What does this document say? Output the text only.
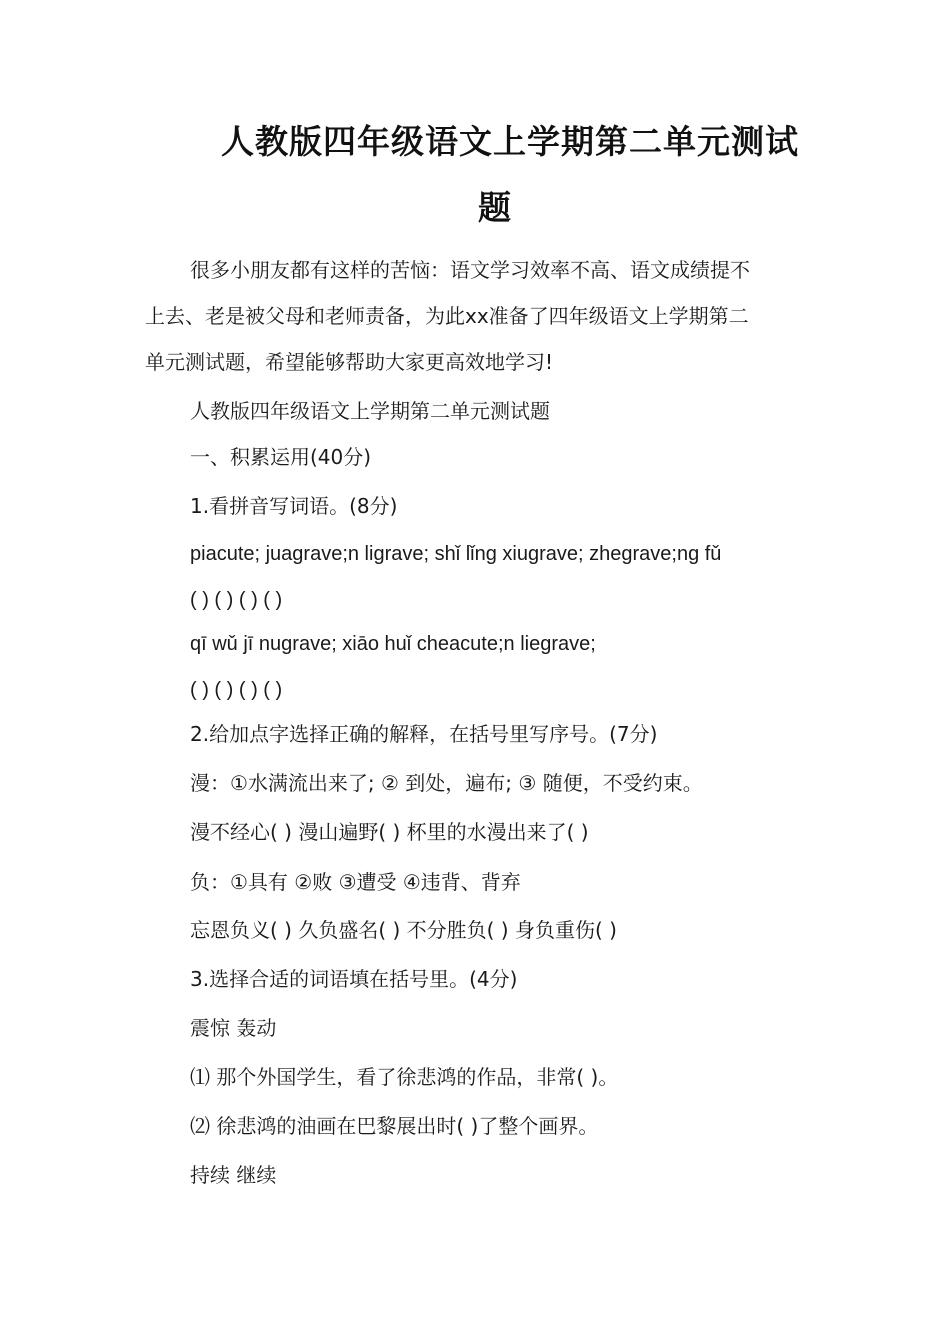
人教版四年级语文上学期第二单元测试
题
很多小朋友都有这样的苦恼：语文学习效率不高、语文成绩提不
上去、老是被父母和老师责备，为此xx准备了四年级语文上学期第二
单元测试题，希望能够帮助大家更高效地学习!
人教版四年级语文上学期第二单元测试题
一、积累运用(40分)
1.看拼音写词语。(8分)
piacute; juagrave;n ligrave; shǐ lǐng xiugrave; zhegrave;ng fǔ
( ) ( ) ( ) ( )
qī wǔ jī nugrave; xiāo huǐ cheacute;n liegrave;
( ) ( ) ( ) ( )
2.给加点字选择正确的解释，在括号里写序号。(7分)
漫：①水满流出来了; ② 到处，遍布; ③ 随便，不受约束。
漫不经心( ) 漫山遍野( ) 杯里的水漫出来了( )
负：①具有 ②败 ③遭受 ④违背、背弃
忘恩负义( ) 久负盛名( ) 不分胜负( ) 身负重伤( )
3.选择合适的词语填在括号里。(4分)
震惊 轰动
⑴ 那个外国学生，看了徐悲鸿的作品，非常( )。
⑵ 徐悲鸿的油画在巴黎展出时( )了整个画界。
持续 继续
